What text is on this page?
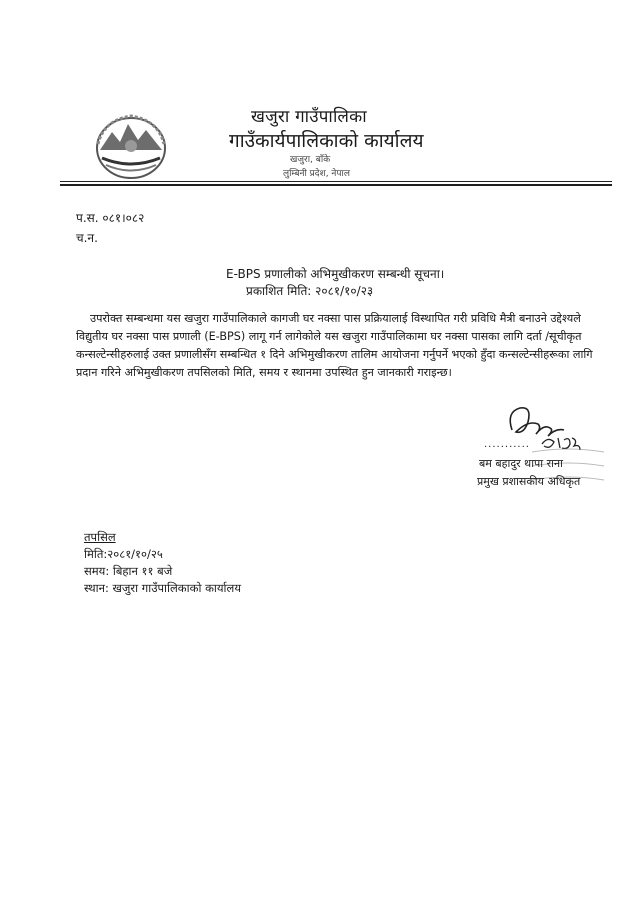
खजुरा गाउँपालिका
गाउँकार्यपालिकाको कार्यालय
खजुरा, बाँके
लुम्बिनी प्रदेश, नेपाल
प.स. ०८१।०८२
च.न.
E-BPS प्रणालीको अभिमुखीकरण सम्बन्धी सूचना।
प्रकाशित मिति: २०८१/१०/२३

उपरोक्त सम्बन्धमा यस खजुरा गाउँपालिकाले कागजी घर नक्सा पास प्रक्रियालाई विस्थापित गरी प्रविधि मैत्री बनाउने उद्देश्यले विद्युतीय घर नक्सा पास प्रणाली (E-BPS) लागू गर्न लागेकोले यस खजुरा गाउँपालिकामा घर नक्सा पासका लागि दर्ता /सूचीकृत कन्सल्टेन्सीहरुलाई उक्त प्रणालीसँग सम्बन्धित १ दिने अभिमुखीकरण तालिम आयोजना गर्नुपर्ने भएको हुँदा कन्सल्टेन्सीहरूका लागि प्रदान गरिने अभिमुखीकरण तपसिलको मिति, समय र स्थानमा उपस्थित हुन जानकारी गराइन्छ।

...........
बम बहादुर थापा राना
प्रमुख प्रशासकीय अधिकृत
तपसिल
मिति:२०८१/१०/२५
समय: बिहान ११ बजे
स्थान: खजुरा गाउँपालिकाको कार्यालय
